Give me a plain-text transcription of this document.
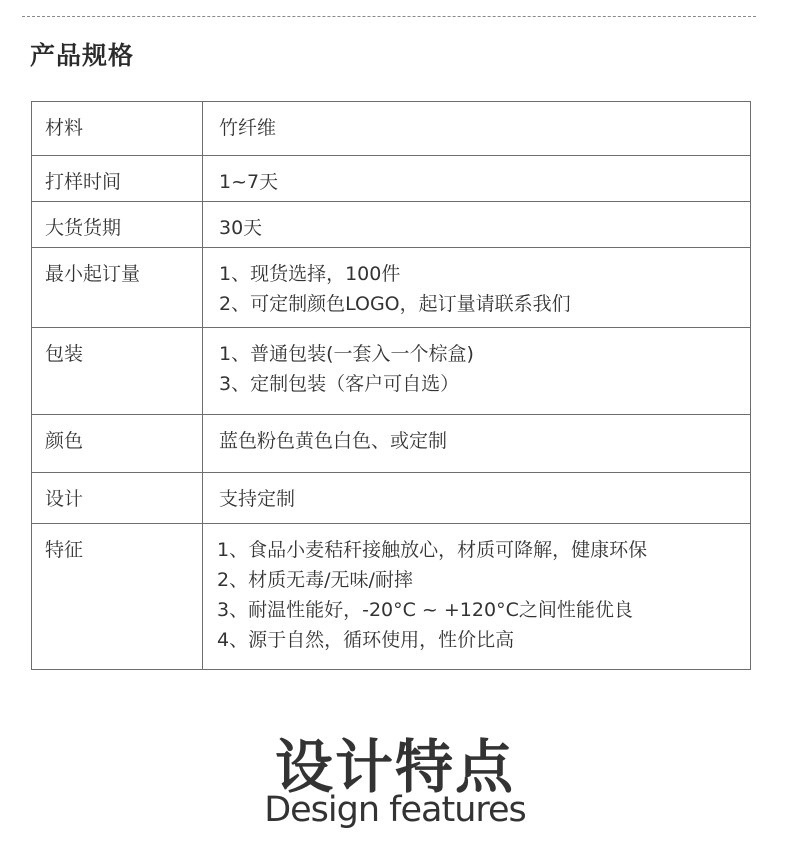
产品规格
材料	竹纤维

打样时间	1~7天

大货货期	30天

最小起订量	1、现货选择，100件
2、可定制颜色LOGO，起订量请联系我们

包装	1、普通包装(一套入一个棕盒)
3、定制包装（客户可自选）

颜色	蓝色粉色黄色白色、或定制

设计	支持定制

特征	1、食品小麦秸秆接触放心，材质可降解，健康环保
2、材质无毒/无味/耐摔
3、耐温性能好，-20°C ~ +120°C之间性能优良
4、源于自然，循环使用，性价比高
设计特点
Design features
